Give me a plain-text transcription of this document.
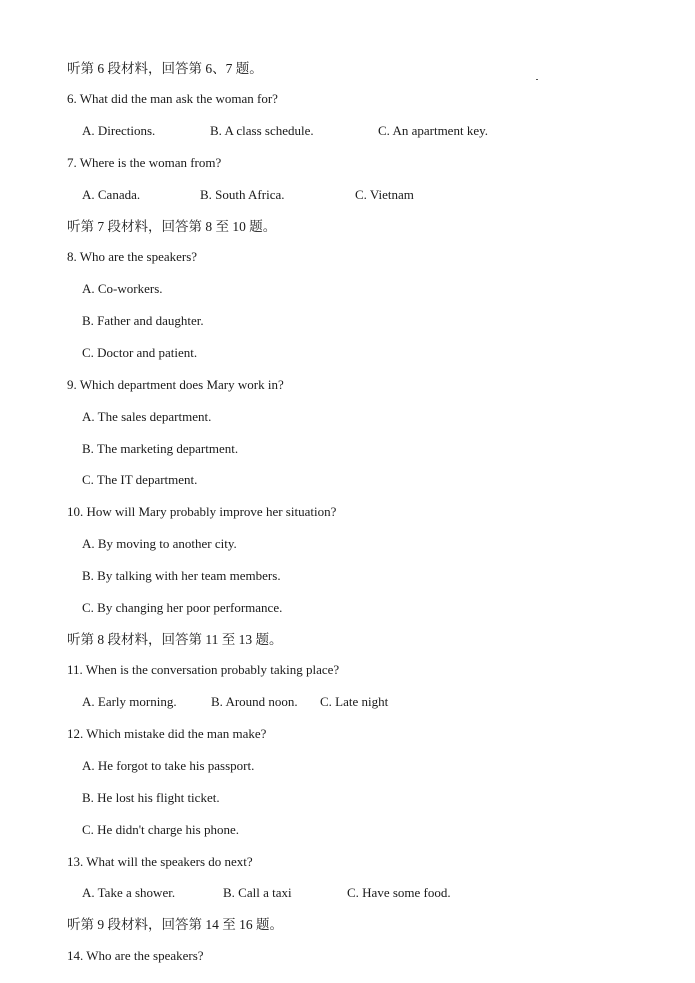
听第 6 段材料，回答第 6、7 题。
6. What did the man ask the woman for?
A. Directions.	B. A class schedule.	C. An apartment key.
7. Where is the woman from?
A. Canada.	B. South Africa.	C. Vietnam
听第 7 段材料，回答第 8 至 10 题。
8. Who are the speakers?
A. Co-workers.
B. Father and daughter.
C. Doctor and patient.
9. Which department does Mary work in?
A. The sales department.
B. The marketing department.
C. The IT department.
10. How will Mary probably improve her situation?
A. By moving to another city.
B. By talking with her team members.
C. By changing her poor performance.
听第 8 段材料，回答第 11 至 13 题。
11. When is the conversation probably taking place?
A. Early morning.	B. Around noon. C. Late night
12. Which mistake did the man make?
A. He forgot to take his passport.
B. He lost his flight ticket.
C. He didn't charge his phone.
13. What will the speakers do next?
A. Take a shower.	B. Call a taxi	C. Have some food.
听第 9 段材料，回答第 14 至 16 题。
14. Who are the speakers?
